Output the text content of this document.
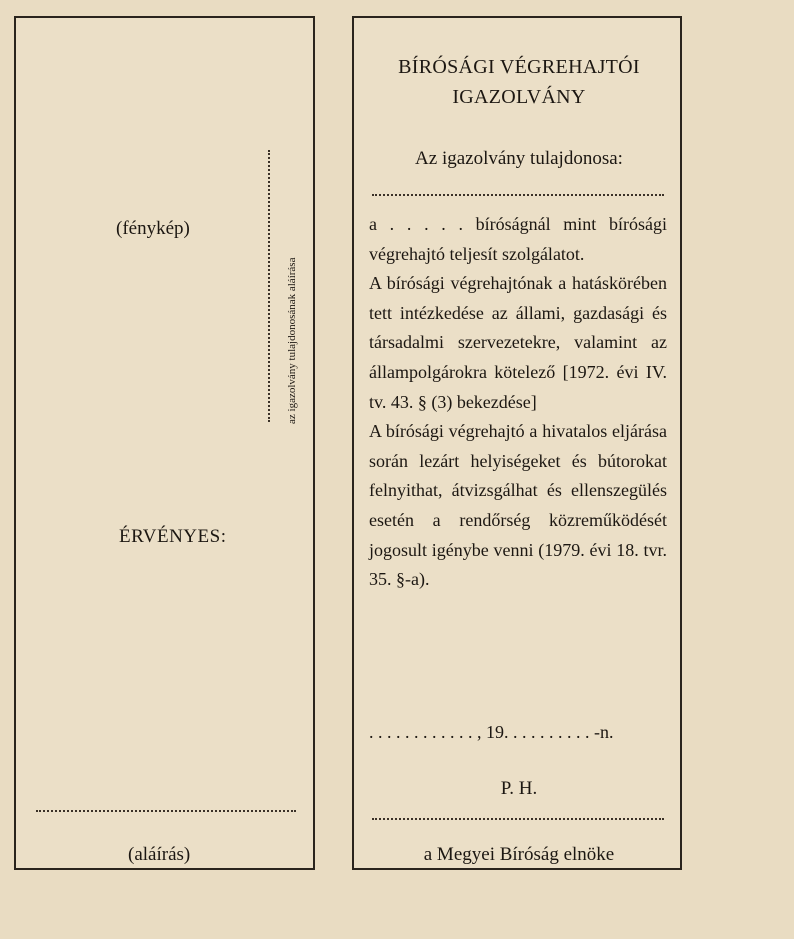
(fénykép)
az igazolvány tulajdonosának aláírása
ÉRVÉNYES:
(aláírás)
BÍRÓSÁGI VÉGREHAJTÓI
IGAZOLVÁNY
Az igazolvány tulajdonosa:

a . . . . . bíróságnál mint bírósági végrehajtó teljesít szolgálatot.

A bírósági végrehajtónak a hatáskörében tett intézkedése az állami, gazdasági és társadalmi szervezetekre, valamint az állampolgárokra kötelező [1972. évi IV. tv. 43. § (3) bekezdése]

A bírósági végrehajtó a hivatalos eljárása során lezárt helyiségeket és bútorokat felnyithat, átvizsgálhat és ellenszegülés esetén a rendőrség közreműködését jogosult igénybe venni (1979. évi 18. tvr. 35. §-a).

. . . . . . . . . . . . , 19. . . . . . . . . . -n.
P. H.
a Megyei Bíróság elnöke
